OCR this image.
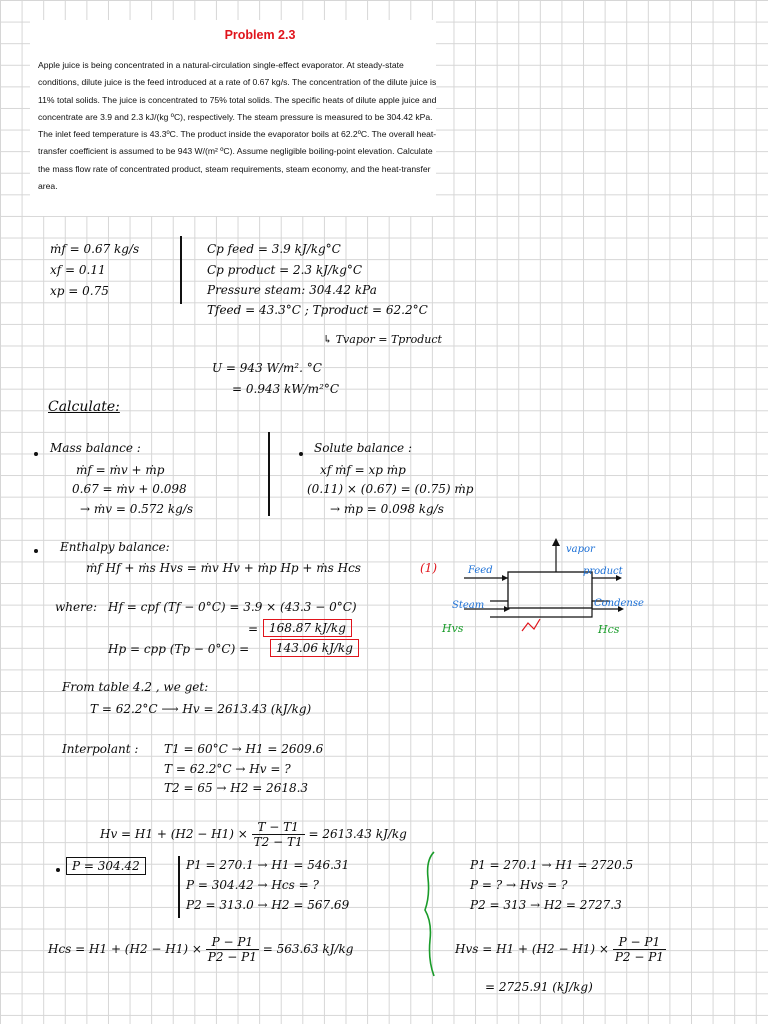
Problem 2.3
Apple juice is being concentrated in a natural-circulation single-effect evaporator. At steady-state conditions, dilute juice is the feed introduced at a rate of 0.67 kg/s. The concentration of the dilute juice is 11% total solids. The juice is concentrated to 75% total solids. The specific heats of dilute apple juice and concentrate are 3.9 and 2.3 kJ/(kg ºC), respectively. The steam pressure is measured to be 304.42 kPa. The inlet feed temperature is 43.3ºC. The product inside the evaporator boils at 62.2ºC. The overall heat-transfer coefficient is assumed to be 943 W/(m² ºC). Assume negligible boiling-point elevation. Calculate the mass flow rate of concentrated product, steam requirements, steam economy, and the heat-transfer area.
ṁf = 0.67 kg/s
xf = 0.11
xp = 0.75
Cp feed = 3.9 kJ/kg°C
Cp product = 2.3 kJ/kg°C
Pressure steam: 304.42 kPa
Tfeed = 43.3°C ; Tproduct = 62.2°C
↳ Tvapor = Tproduct
U = 943 W/m². °C
= 0.943 kW/m²°C
Calculate:
Mass balance :
ṁf = ṁv + ṁp
0.67 = ṁv + 0.098
→ ṁv = 0.572 kg/s
Solute balance :
xf ṁf = xp ṁp
(0.11) × (0.67) = (0.75) ṁp
→ ṁp = 0.098 kg/s
Enthalpy balance:
ṁf Hf + ṁs Hvs = ṁv Hv + ṁp Hp + ṁs Hcs	(1)
where: Hf = cpf (Tf − 0°C) = 3.9 × (43.3 − 0°C)
= 168.87 kJ/kg
Hp = cpp (Tp − 0°C) =	143.06 kJ/kg
vapor
Feed	product
Steam	Condense
Hvs	Hcs
From table 4.2 , we get:
T = 62.2°C ⟶ Hv = 2613.43 (kJ/kg)
Interpolant : T1 = 60°C → H1 = 2609.6
T = 62.2°C → Hv = ?
T2 = 65 → H2 = 2618.3
$Hv = H1 + (H2 - H1) \times \frac{T - T1}{T2 - T1} = 2613.43$ kJ/kg
P = 304.42	P1 = 270.1 → H1 = 546.31
P = 304.42 → Hcs = ?
P2 = 313.0 → H2 = 567.69
Hcs = $H1 + (H2 - H1) \times \frac{P - P1}{P2 - P1} = 563.63$ kJ/kg
P1 = 270.1 → H1 = 2720.5
P = ? → Hvs = ?
P2 = 313 → H2 = 2727.3
Hvs = $H1 + (H2 - H1) \times \frac{P - P1}{P2 - P1}$
= 2725.91 (kJ/kg)
